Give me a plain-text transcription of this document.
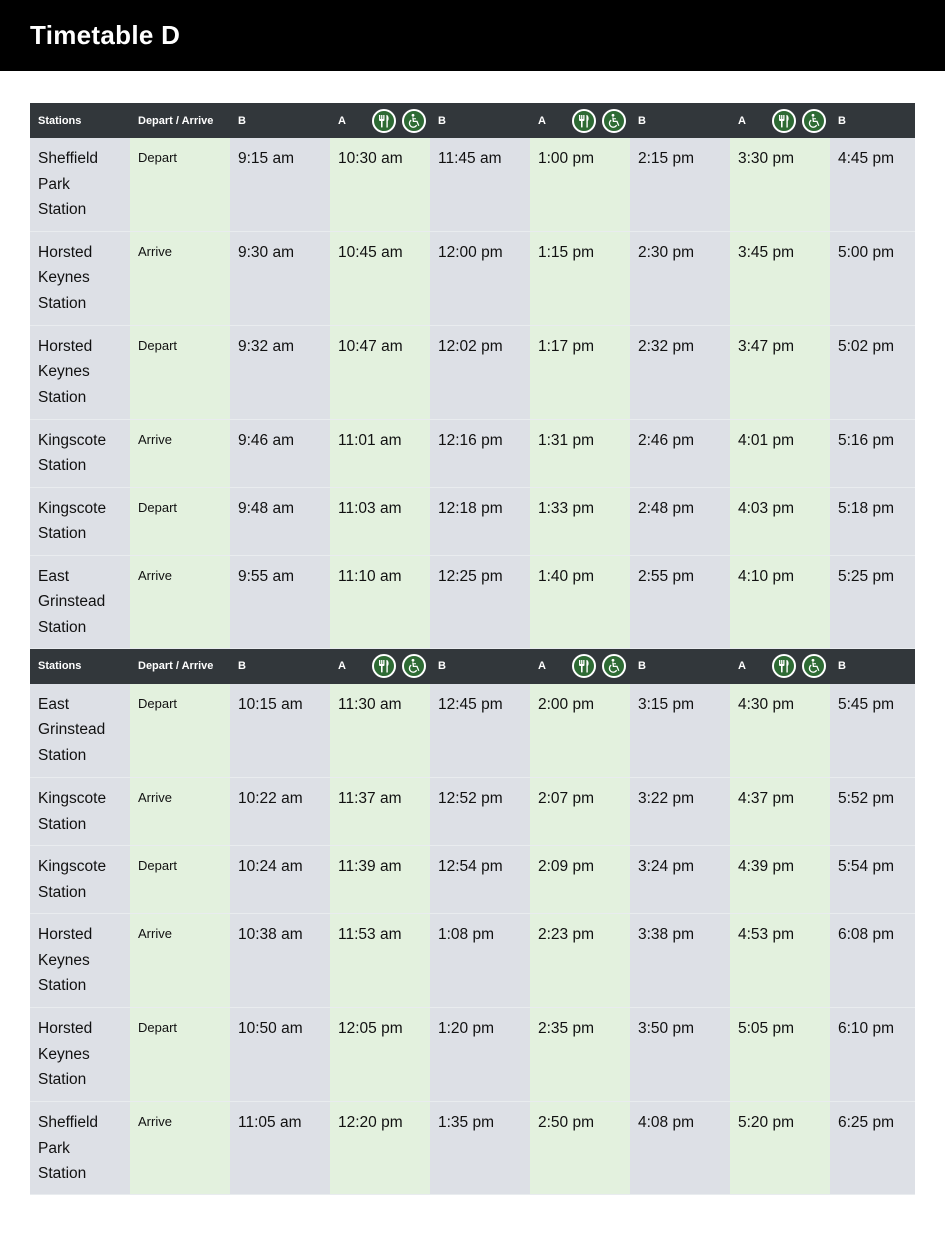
Timetable D
Stations	Depart / Arrive	B	A	B	A	B	A	B

Sheffield Park Station	Depart	9:15 am	10:30 am	11:45 am	1:00 pm	2:15 pm	3:30 pm	4:45 pm
Horsted Keynes Station	Arrive	9:30 am	10:45 am	12:00 pm	1:15 pm	2:30 pm	3:45 pm	5:00 pm
Horsted Keynes Station	Depart	9:32 am	10:47 am	12:02 pm	1:17 pm	2:32 pm	3:47 pm	5:02 pm
Kingscote Station	Arrive	9:46 am	11:01 am	12:16 pm	1:31 pm	2:46 pm	4:01 pm	5:16 pm
Kingscote Station	Depart	9:48 am	11:03 am	12:18 pm	1:33 pm	2:48 pm	4:03 pm	5:18 pm
East Grinstead Station	Arrive	9:55 am	11:10 am	12:25 pm	1:40 pm	2:55 pm	4:10 pm	5:25 pm
Stations	Depart / Arrive	B	A	B	A	B	A	B

East Grinstead Station	Depart	10:15 am	11:30 am	12:45 pm	2:00 pm	3:15 pm	4:30 pm	5:45 pm
Kingscote Station	Arrive	10:22 am	11:37 am	12:52 pm	2:07 pm	3:22 pm	4:37 pm	5:52 pm
Kingscote Station	Depart	10:24 am	11:39 am	12:54 pm	2:09 pm	3:24 pm	4:39 pm	5:54 pm
Horsted Keynes Station	Arrive	10:38 am	11:53 am	1:08 pm	2:23 pm	3:38 pm	4:53 pm	6:08 pm
Horsted Keynes Station	Depart	10:50 am	12:05 pm	1:20 pm	2:35 pm	3:50 pm	5:05 pm	6:10 pm
Sheffield Park Station	Arrive	11:05 am	12:20 pm	1:35 pm	2:50 pm	4:08 pm	5:20 pm	6:25 pm
